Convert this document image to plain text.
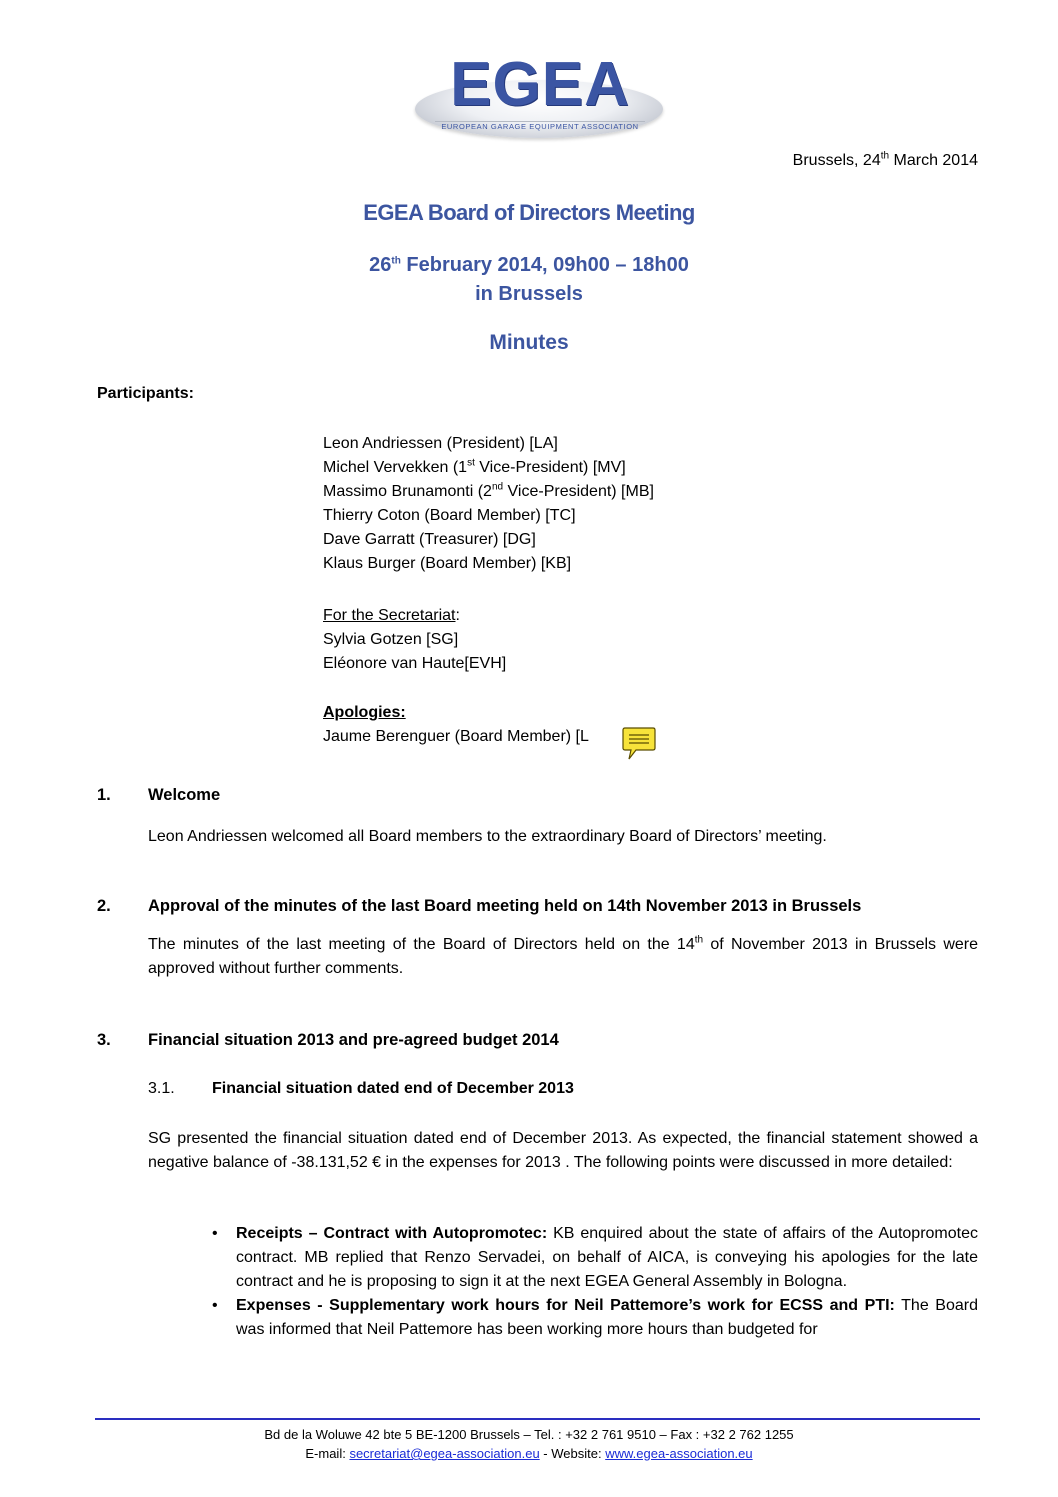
EGEA
EUROPEAN GARAGE EQUIPMENT ASSOCIATION
Brussels, 24th March 2014
EGEA Board of Directors Meeting
26th February 2014, 09h00 – 18h00
in Brussels
Minutes
Participants:
Leon Andriessen (President) [LA]
Michel Vervekken (1st Vice-President) [MV]
Massimo Brunamonti (2nd Vice-President) [MB]
Thierry Coton (Board Member) [TC]
Dave Garratt (Treasurer) [DG]
Klaus Burger (Board Member) [KB]
For the Secretariat:
Sylvia Gotzen [SG]
Eléonore van Haute[EVH]
Apologies:
Jaume Berenguer (Board Member) [L
1. Welcome
Leon Andriessen welcomed all Board members to the extraordinary Board of Directors’ meeting.
2. Approval of the minutes of the last Board meeting held on 14th November 2013 in Brussels
The minutes of the last meeting of the Board of Directors held on the 14th of November 2013 in Brussels were approved without further comments.
3. Financial situation 2013 and pre-agreed budget 2014
3.1. Financial situation dated end of December 2013
SG presented the financial situation dated end of December 2013. As expected, the financial statement showed a negative balance of -38.131,52 € in the expenses for 2013 . The following points were discussed in more detailed:
• Receipts – Contract with Autopromotec: KB enquired about the state of affairs of the Autopromotec contract. MB replied that Renzo Servadei, on behalf of AICA, is conveying his apologies for the late contract and he is proposing to sign it at the next EGEA General Assembly in Bologna.
• Expenses - Supplementary work hours for Neil Pattemore’s work for ECSS and PTI: The Board was informed that Neil Pattemore has been working more hours than budgeted for
Bd de la Woluwe 42 bte 5 BE-1200 Brussels – Tel. : +32 2 761 9510 – Fax : +32 2 762 1255
E-mail: secretariat@egea-association.eu - Website: www.egea-association.eu
